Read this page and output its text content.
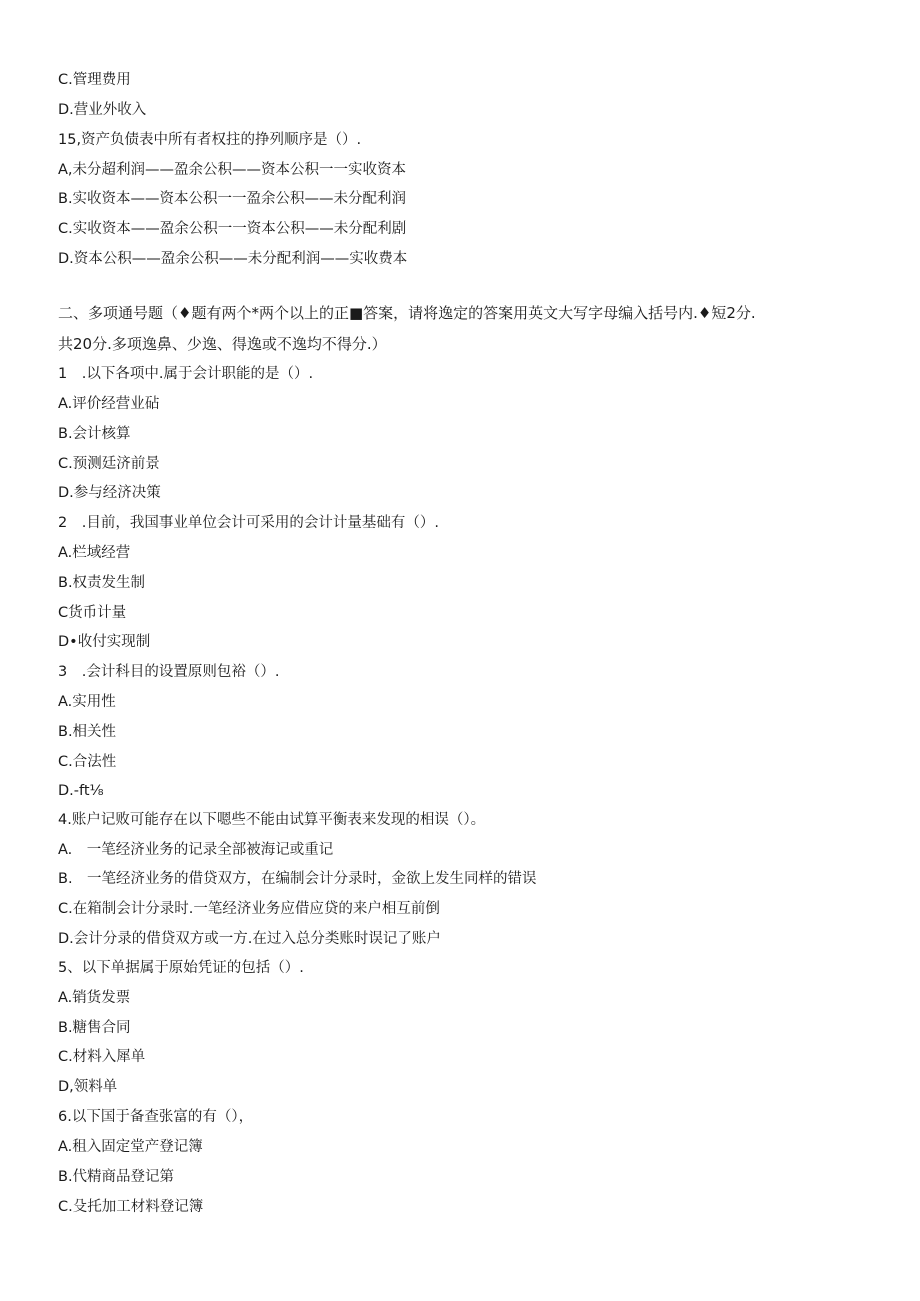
C.管理费用
D.营业外收入
15,资产负债表中所有者权拄的挣列顺序是（）.
A,未分超利润——盈余公积——资本公积一一实收资本
B.实收资本——资本公积一一盈余公积——未分配利润
C.实收资本——盈余公积一一资本公积——未分配利剧
D.资本公积——盈余公积——未分配利润——实收费本
二、多项通号题（♦题有两个*两个以上的正■答案，请将逸定的答案用英文大写字母编入括号内.♦短2分.
共20分.多项逸鼻、少逸、得逸或不逸均不得分.）
1　.以下各项中.属于会计职能的是（）.
A.评价经营业砧
B.会计核算
C.预测廷济前景
D.参与经济决策
2　.目前，我国事业单位会计可采用的会计计量基础有（）.
A.栏域经营
B.权责发生制
C货币计量
D•收付实现制
3　.会计科目的设置原则包裕（）.
A.实用性
B.相关性
C.合法性
D.-ft⅛
4.账户记败可能存在以下嗯些不能由试算平衡表来发现的相误（）。
A.　一笔经济业务的记录全部被海记或重记
B.　一笔经济业务的借贷双方，在编制会计分录时，金欲上发生同样的错误
C.在箱制会计分录时.一笔经济业务应借应贷的来户相互前倒
D.会计分录的借贷双方或一方.在过入总分类账时误记了账户
5、以下单据属于原始凭证的包括（）.
A.销货发票
B.糖售合同
C.材料入犀单
D,领料单
6.以下国于备查张富的有（），
A.租入固定堂产登记簿
B.代精商品登记第
C.殳托加工材料登记簿
